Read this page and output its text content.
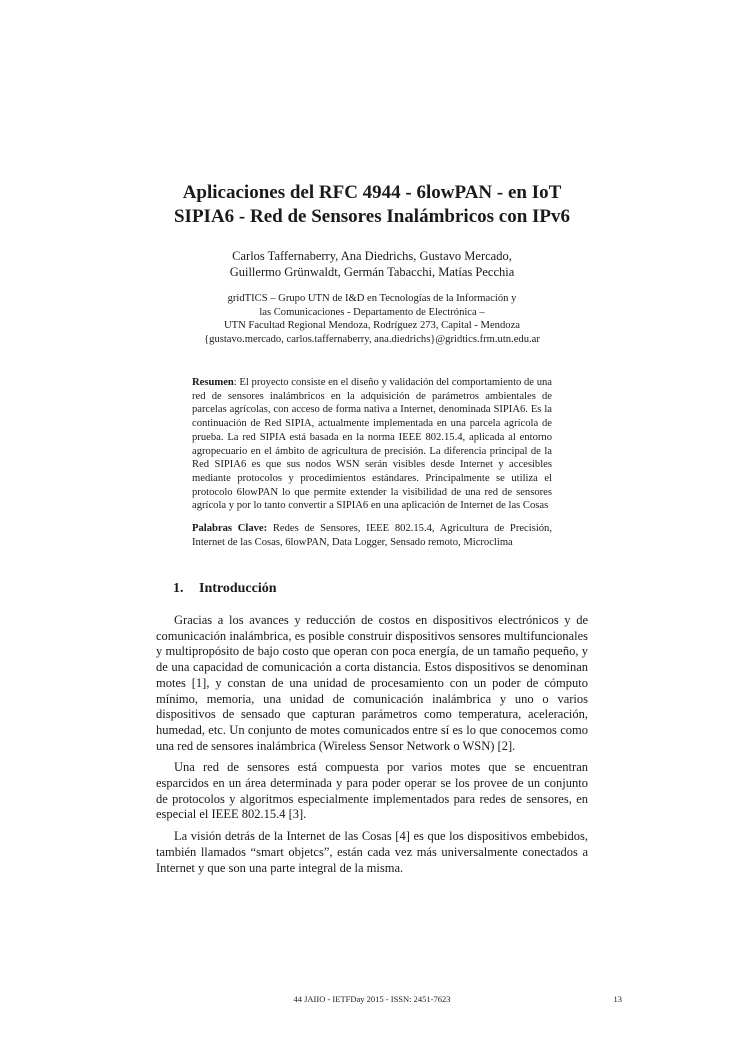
Aplicaciones del RFC 4944 - 6lowPAN - en IoT
SIPIA6 - Red de Sensores Inalámbricos con IPv6
Carlos Taffernaberry, Ana Diedrichs, Gustavo Mercado,
Guillermo Grünwaldt, Germán Tabacchi, Matías Pecchia
gridTICS – Grupo UTN de I&D en Tecnologías de la Información y
las Comunicaciones - Departamento de Electrónica –
UTN Facultad Regional Mendoza, Rodríguez 273, Capital - Mendoza
{gustavo.mercado, carlos.taffernaberry, ana.diedrichs}@gridtics.frm.utn.edu.ar

Resumen: El proyecto consiste en el diseño y validación del comportamiento de una red de sensores inalámbricos en la adquisición de parámetros ambientales de parcelas agrícolas, con acceso de forma nativa a Internet, denominada SIPIA6. Es la continuación de Red SIPIA, actualmente implementada en una parcela agrícola de prueba. La red SIPIA está basada en la norma IEEE 802.15.4, aplicada al entorno agropecuario en el ámbito de agricultura de precisión. La diferencia principal de la Red SIPIA6 es que sus nodos WSN serán visibles desde Internet y accesibles mediante protocolos y procedimientos estándares. Principalmente se utiliza el protocolo 6lowPAN lo que permite extender la visibilidad de una red de sensores agrícola y por lo tanto convertir a SIPIA6 en una aplicación de Internet de las Cosas

Palabras Clave: Redes de Sensores, IEEE 802.15.4, Agricultura de Precisión, Internet de las Cosas, 6lowPAN, Data Logger, Sensado remoto, Microclima

1. Introducción

Gracias a los avances y reducción de costos en dispositivos electrónicos y de comunicación inalámbrica, es posible construir dispositivos sensores multifuncionales y multipropósito de bajo costo que operan con poca energía, de un tamaño pequeño, y de una capacidad de comunicación a corta distancia. Estos dispositivos se denominan motes [1], y constan de una unidad de procesamiento con un poder de cómputo mínimo, memoria, una unidad de comunicación inalámbrica y uno o varios dispositivos de sensado que capturan parámetros como temperatura, aceleración, humedad, etc. Un conjunto de motes comunicados entre sí es lo que conocemos como una red de sensores inalámbrica (Wireless Sensor Network o WSN) [2].

Una red de sensores está compuesta por varios motes que se encuentran esparcidos en un área determinada y para poder operar se los provee de un conjunto de protocolos y algoritmos especialmente implementados para redes de sensores, en especial el IEEE 802.15.4 [3].

La visión detrás de la Internet de las Cosas [4] es que los dispositivos embebidos, también llamados “smart objetcs”, están cada vez más universalmente conectados a Internet y que son una parte integral de la misma.

44 JAIIO - IETFDay 2015 - ISSN: 2451-7623	13
